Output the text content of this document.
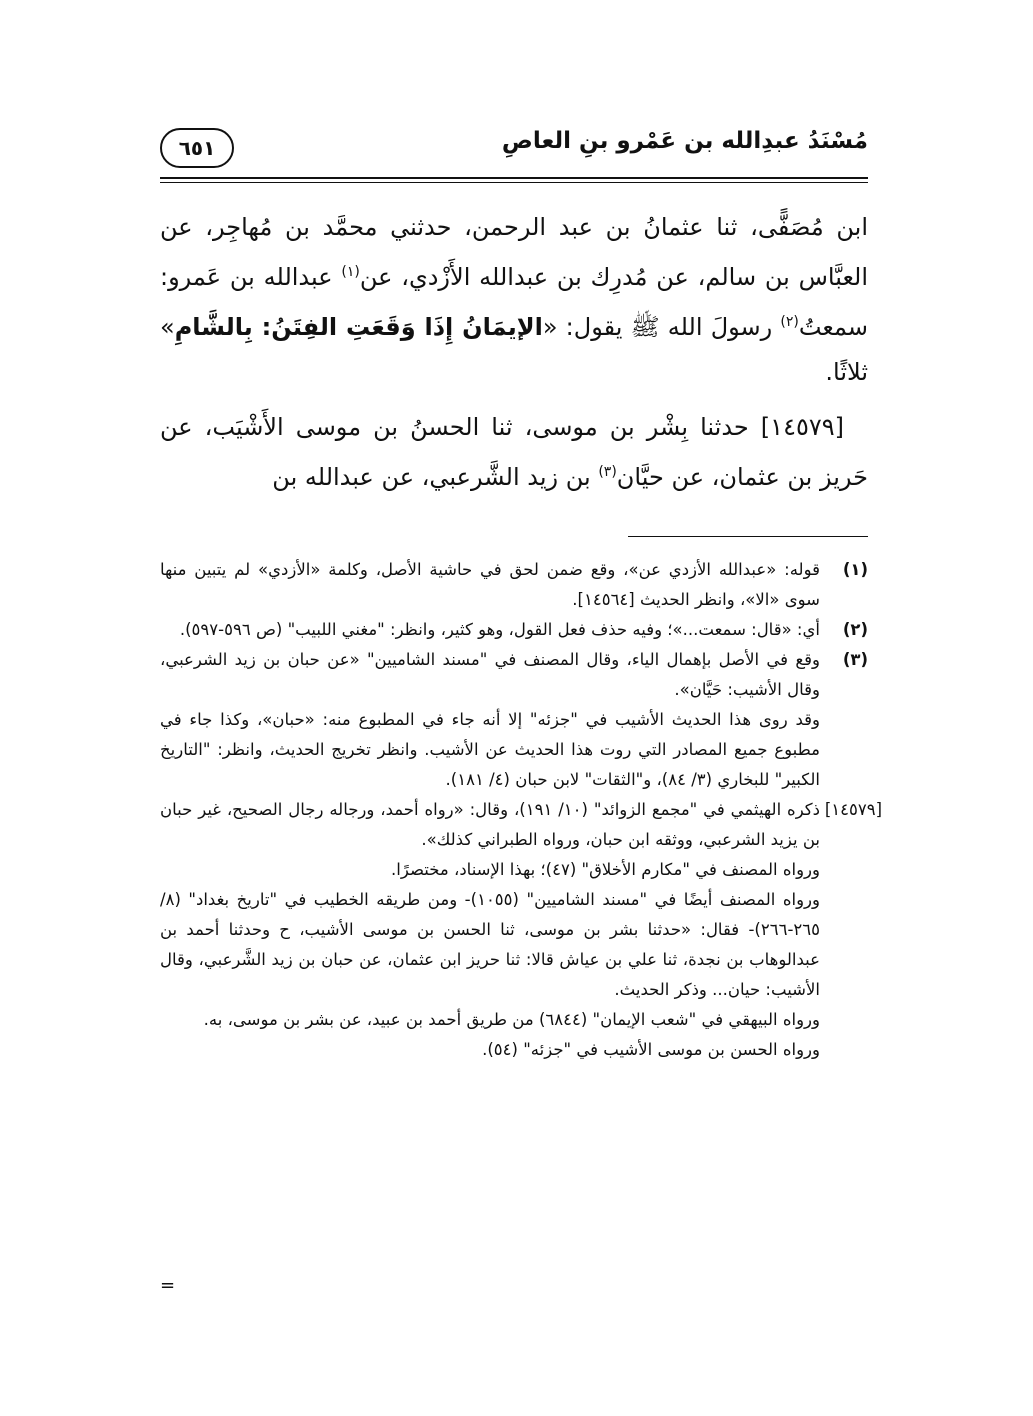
مُسْنَدُ عبدِالله بن عَمْرو بنِ العاصِ
٦٥١

ابن مُصَفًّى، ثنا عثمانُ بن عبد الرحمن، حدثني محمَّد بن مُهاجِر، عن العبَّاس بن سالم، عن مُدرِك بن عبدالله الأَزْدي، عن$^{(١)}$ عبدالله بن عَمرو: سمعتُ$^{(٢)}$ رسولَ الله ﷺ يقول: «الإيمَانُ إِذَا وَقَعَتِ الفِتَنُ: بِالشَّامِ» ثلاثًا.

[١٤٥٧٩] حدثنا بِشْر بن موسى، ثنا الحسنُ بن موسى الأَشْيَب، عن حَريز بن عثمان، عن حيَّان$^{(٣)}$ بن زيد الشَّرعبي، عن عبدالله بن

(١)
قوله: «عبدالله الأزدي عن»، وقع ضمن لحق في حاشية الأصل، وكلمة «الأزدي» لم يتبين منها سوى «الا»، وانظر الحديث [١٤٥٦٤].
(٢)
أي: «قال: سمعت...»؛ وفيه حذف فعل القول، وهو كثير، وانظر: "مغني اللبيب" (ص ٥٩٦-٥٩٧).
(٣)
وقع في الأصل بإهمال الياء، وقال المصنف في "مسند الشاميين" «عن حبان بن زيد الشرعبي، وقال الأشيب: حَيَّان».
وقد روى هذا الحديث الأشيب في "جزئه" إلا أنه جاء في المطبوع منه: «حبان»، وكذا جاء في مطبوع جميع المصادر التي روت هذا الحديث عن الأشيب. وانظر تخريج الحديث، وانظر: "التاريخ الكبير" للبخاري (٣/ ٨٤)، و"الثقات" لابن حبان (٤/ ١٨١).
[١٤٥٧٩]
ذكره الهيثمي في "مجمع الزوائد" (١٠/ ١٩١)، وقال: «رواه أحمد، ورجاله رجال الصحيح، غير حبان بن يزيد الشرعبي، ووثقه ابن حبان، ورواه الطبراني كذلك».
ورواه المصنف في "مكارم الأخلاق" (٤٧)؛ بهذا الإسناد، مختصرًا.
ورواه المصنف أيضًا في "مسند الشاميين" (١٠٥٥)- ومن طريقه الخطيب في "تاريخ بغداد" (٨/ ٢٦٥-٢٦٦)- فقال: «حدثنا بشر بن موسى، ثنا الحسن بن موسى الأشيب، ح وحدثنا أحمد بن عبدالوهاب بن نجدة، ثنا علي بن عياش قالا: ثنا حريز ابن عثمان، عن حبان بن زيد الشَّرعبي، وقال الأشيب: حيان... وذكر الحديث.
ورواه البيهقي في "شعب الإيمان" (٦٨٤٤) من طريق أحمد بن عبيد، عن بشر بن موسى، به.
ورواه الحسن بن موسى الأشيب في "جزئه" (٥٤).
=
